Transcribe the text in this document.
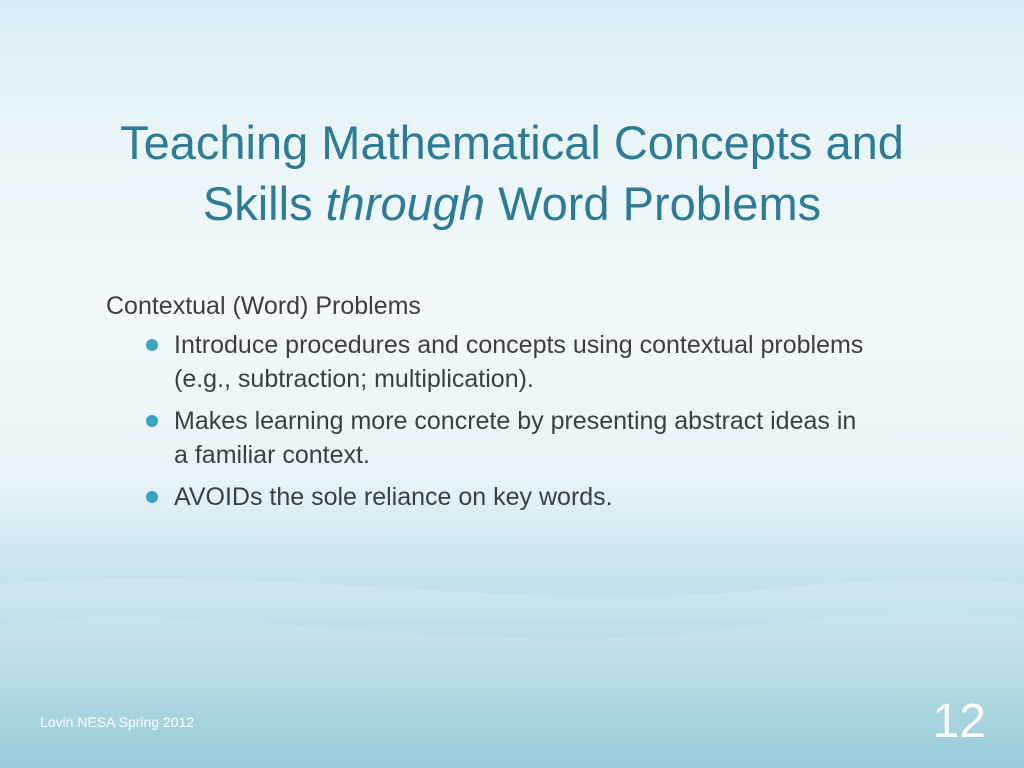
Teaching Mathematical Concepts and
Skills through Word Problems

Contextual (Word) Problems

Introduce procedures and concepts using contextual problems
(e.g., subtraction; multiplication).
Makes learning more concrete by presenting abstract ideas in
a familiar context.
AVOIDs the sole reliance on key words.
Lovin NESA Spring 2012	12
